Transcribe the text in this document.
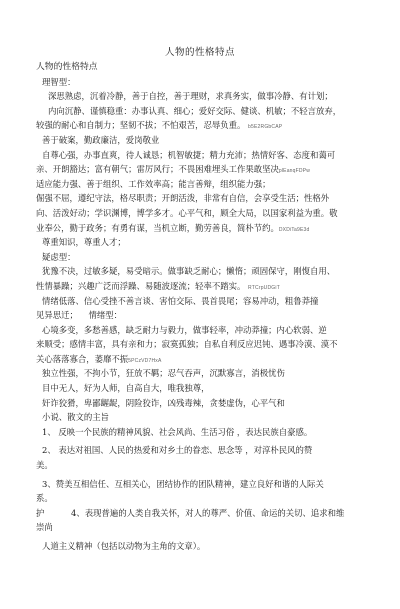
人物的性格特点
人物的性格特点
理智型：
深思熟虑，沉着冷静，善于自控，善于理财，求真务实，做事冷静、有计划；
内向沉静、谨慎稳重：办事认真、细心；爱好交际、健谈、机敏；不轻言放弃，
较强的耐心和自制力；坚韧不拔；不怕艰苦，忍辱负重。 b5E2RGbCAP
善于破案，勤政廉洁，爱岗敬业
自尊心强，办事直爽，待人诚恳；机智敏捷；精力充沛；热情好客、态度和蔼可
亲、开朗豁达；富有朝气；雷厉风行；不畏困难埋头工作果敢坚决plEanqFDPw
适应能力强、善于组织、工作效率高；能言善辩，组织能力强；
倔强不屈，遵纪守法，格尽职责；开朗活泼，非常有自信，会享受生活；性格外
向、活泼好动；学识渊博，博学多才。心平气和，顾全大局，以国家利益为重。敬
业奉公，勤于政务；有勇有谋，当机立断，勤劳善良，简朴节约。DXDiTa9E3d
尊重知识，尊重人才；
疑虑型：
犹豫不决，过敏多疑，易受暗示。做事缺乏耐心；懒惰；顽固保守，刚愎自用、
性情暴躁；兴趣广泛而浮躁、易随波逐流；轻率不踏实。 RTCrpUDGiT
情绪低落、信心受挫不善言谈、害怕交际、畏首畏尾；容易冲动，粗鲁莽撞
见异思迁； 情绪型：
心境多变，多愁善感，缺乏耐力与毅力，做事轻率，冲动莽撞；内心软弱、逆
来顺受；感情丰富，具有亲和力；寂寞孤独；自私自利反应迟钝、遇事冷漠、漠不
关心落落寡合，萎靡不振5PCzVD7HxA
独立性强，不拘小节，狂放不羁；忍气吞声，沉默寡言，消极忧伤
目中无人，好为人师，自高自大，唯我独尊，
奸诈狡猾，卑鄙龌龊，阴险狡诈，凶残毒辣，贪婪虚伪，心平气和
小说、散文的主旨
1、 反映一个民族的精神风貌、社会风尚、生活习俗 ，表达民族自豪感。
2、 表达对祖国、人民的热爱和对乡土的眷恋、思念等 ，对淳朴民风的赞
美。
3、赞美互相信任、互相关心，团结协作的团队精神，建立良好和谐的人际关
系。
护	4、表现普遍的人类自我关怀，对人的尊严、价值、命运的关切、追求和维
崇尚
人道主义精神（包括以动物为主角的文章）。
